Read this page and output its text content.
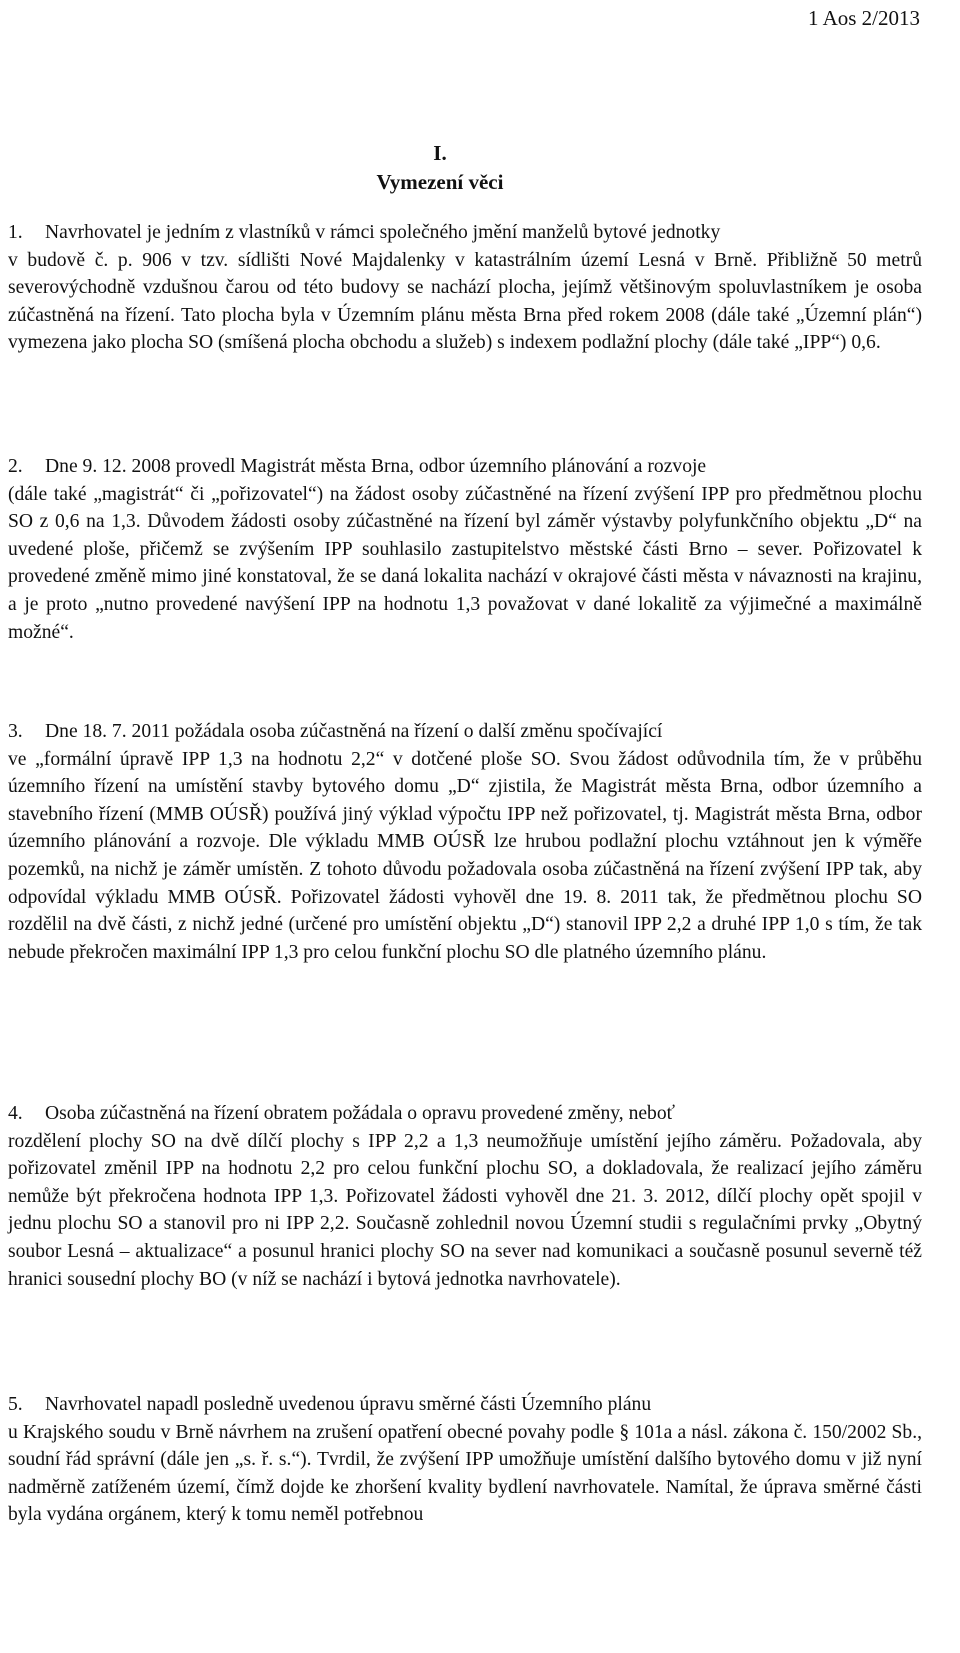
1 Aos 2/2013
I.
Vymezení věci
1. Navrhovatel je jedním z vlastníků v rámci společného jmění manželů bytové jednotky
v budově č. p. 906 v tzv. sídlišti Nové Majdalenky v katastrálním území Lesná v Brně. Přibližně 50 metrů severovýchodně vzdušnou čarou od této budovy se nachází plocha, jejímž většinovým spoluvlastníkem je osoba zúčastněná na řízení. Tato plocha byla v Územním plánu města Brna před rokem 2008 (dále také „Územní plán“) vymezena jako plocha SO (smíšená plocha obchodu a služeb) s indexem podlažní plochy (dále také „IPP“) 0,6.
2. Dne 9. 12. 2008 provedl Magistrát města Brna, odbor územního plánování a rozvoje
(dále také „magistrát“ či „pořizovatel“) na žádost osoby zúčastněné na řízení zvýšení IPP pro předmětnou plochu SO z 0,6 na 1,3. Důvodem žádosti osoby zúčastněné na řízení byl záměr výstavby polyfunkčního objektu „D“ na uvedené ploše, přičemž se zvýšením IPP souhlasilo zastupitelstvo městské části Brno – sever. Pořizovatel k provedené změně mimo jiné konstatoval, že se daná lokalita nachází v okrajové části města v návaznosti na krajinu, a je proto „nutno provedené navýšení IPP na hodnotu 1,3 považovat v dané lokalitě za výjimečné a maximálně možné“.
3. Dne 18. 7. 2011 požádala osoba zúčastněná na řízení o další změnu spočívající
ve „formální úpravě IPP 1,3 na hodnotu 2,2“ v dotčené ploše SO. Svou žádost odůvodnila tím, že v průběhu územního řízení na umístění stavby bytového domu „D“ zjistila, že Magistrát města Brna, odbor územního a stavebního řízení (MMB OÚSŘ) používá jiný výklad výpočtu IPP než pořizovatel, tj. Magistrát města Brna, odbor územního plánování a rozvoje. Dle výkladu MMB OÚSŘ lze hrubou podlažní plochu vztáhnout jen k výměře pozemků, na nichž je záměr umístěn. Z tohoto důvodu požadovala osoba zúčastněná na řízení zvýšení IPP tak, aby odpovídal výkladu MMB OÚSŘ. Pořizovatel žádosti vyhověl dne 19. 8. 2011 tak, že předmětnou plochu SO rozdělil na dvě části, z nichž jedné (určené pro umístění objektu „D“) stanovil IPP 2,2 a druhé IPP 1,0 s tím, že tak nebude překročen maximální IPP 1,3 pro celou funkční plochu SO dle platného územního plánu.
4. Osoba zúčastněná na řízení obratem požádala o opravu provedené změny, neboť
rozdělení plochy SO na dvě dílčí plochy s IPP 2,2 a 1,3 neumožňuje umístění jejího záměru. Požadovala, aby pořizovatel změnil IPP na hodnotu 2,2 pro celou funkční plochu SO, a dokladovala, že realizací jejího záměru nemůže být překročena hodnota IPP 1,3. Pořizovatel žádosti vyhověl dne 21. 3. 2012, dílčí plochy opět spojil v jednu plochu SO a stanovil pro ni IPP 2,2. Současně zohlednil novou Územní studii s regulačními prvky „Obytný soubor Lesná – aktualizace“ a posunul hranici plochy SO na sever nad komunikaci a současně posunul severně též hranici sousední plochy BO (v níž se nachází i bytová jednotka navrhovatele).
5. Navrhovatel napadl posledně uvedenou úpravu směrné části Územního plánu
u Krajského soudu v Brně návrhem na zrušení opatření obecné povahy podle § 101a a násl. zákona č. 150/2002 Sb., soudní řád správní (dále jen „s. ř. s.“). Tvrdil, že zvýšení IPP umožňuje umístění dalšího bytového domu v již nyní nadměrně zatíženém území, čímž dojde ke zhoršení kvality bydlení navrhovatele. Namítal, že úprava směrné části byla vydána orgánem, který k tomu neměl potřebnou
